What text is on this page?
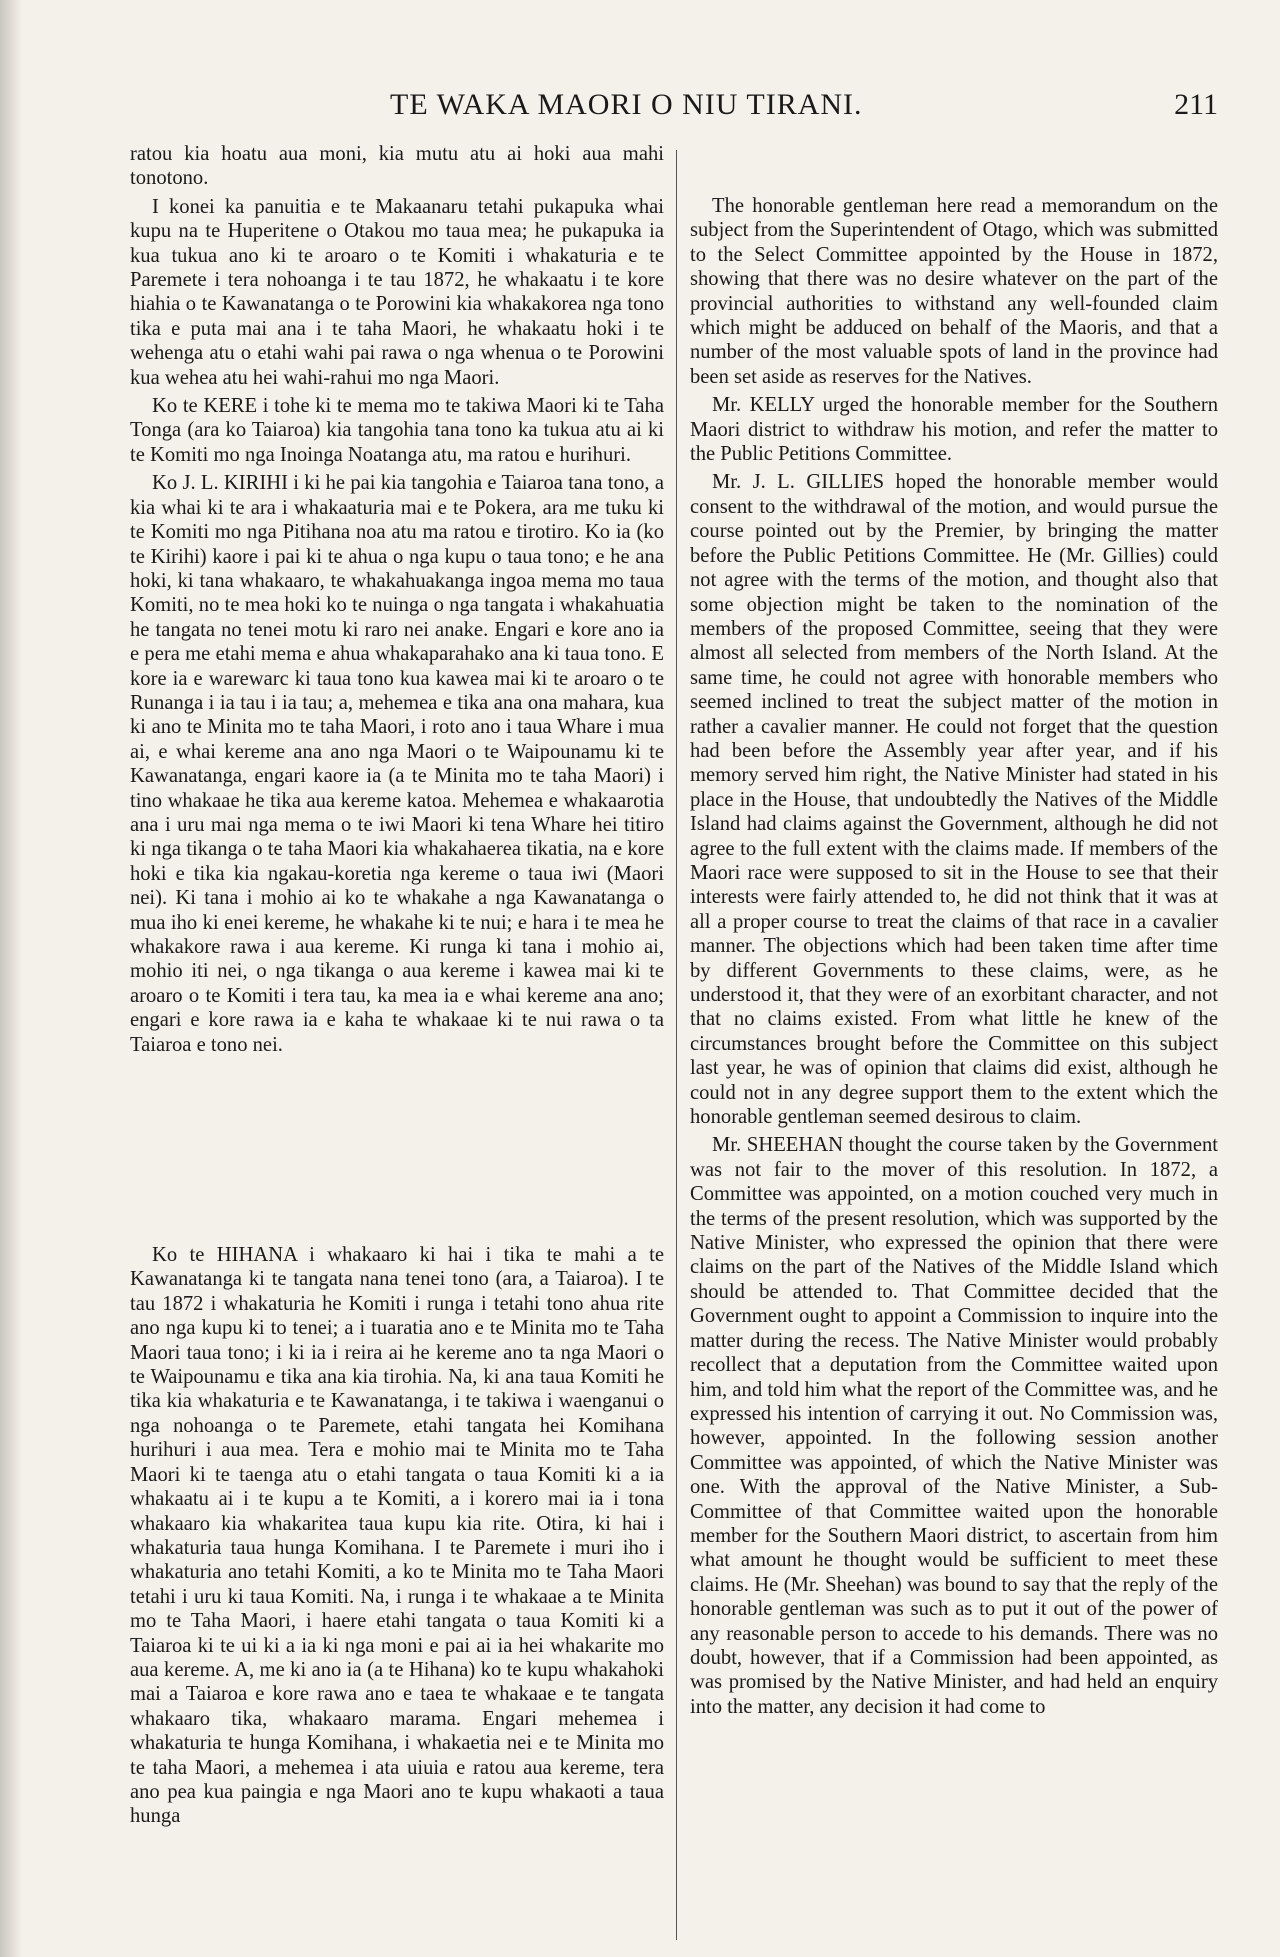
TE WAKA MAORI O NIU TIRANI.	211

ratou kia hoatu aua moni, kia mutu atu ai hoki aua mahi tonotono.

I konei ka panuitia e te Makaanaru tetahi pukapuka whai kupu na te Huperitene o Otakou mo taua mea; he pukapuka ia kua tukua ano ki te aroaro o te Komiti i whakaturia e te Paremete i tera nohoanga i te tau 1872, he whakaatu i te kore hiahia o te Kawanatanga o te Porowini kia whakakorea nga tono tika e puta mai ana i te taha Maori, he whakaatu hoki i te wehenga atu o etahi wahi pai rawa o nga whenua o te Porowini kua wehea atu hei wahi-rahui mo nga Maori.

Ko te KERE i tohe ki te mema mo te takiwa Maori ki te Taha Tonga (ara ko Taiaroa) kia tangohia tana tono ka tukua atu ai ki te Komiti mo nga Inoinga Noatanga atu, ma ratou e hurihuri.

Ko J. L. KIRIHI i ki he pai kia tangohia e Taiaroa tana tono, a kia whai ki te ara i whakaaturia mai e te Pokera, ara me tuku ki te Komiti mo nga Pitihana noa atu ma ratou e tirotiro. Ko ia (ko te Kirihi) kaore i pai ki te ahua o nga kupu o taua tono; e he ana hoki, ki tana whakaaro, te whakahuakanga ingoa mema mo taua Komiti, no te mea hoki ko te nuinga o nga tangata i whakahuatia he tangata no tenei motu ki raro nei anake. Engari e kore ano ia e pera me etahi mema e ahua whakaparahako ana ki taua tono. E kore ia e warewarc ki taua tono kua kawea mai ki te aroaro o te Runanga i ia tau i ia tau; a, mehemea e tika ana ona mahara, kua ki ano te Minita mo te taha Maori, i roto ano i taua Whare i mua ai, e whai kereme ana ano nga Maori o te Waipounamu ki te Kawanatanga, engari kaore ia (a te Minita mo te taha Maori) i tino whakaae he tika aua kereme katoa. Mehemea e whakaarotia ana i uru mai nga mema o te iwi Maori ki tena Whare hei titiro ki nga tikanga o te taha Maori kia whakahaerea tikatia, na e kore hoki e tika kia ngakau-koretia nga kereme o taua iwi (Maori nei). Ki tana i mohio ai ko te whakahe a nga Kawanatanga o mua iho ki enei kereme, he whakahe ki te nui; e hara i te mea he whakakore rawa i aua kereme. Ki runga ki tana i mohio ai, mohio iti nei, o nga tikanga o aua kereme i kawea mai ki te aroaro o te Komiti i tera tau, ka mea ia e whai kereme ana ano; engari e kore rawa ia e kaha te whakaae ki te nui rawa o ta Taiaroa e tono nei.

Ko te HIHANA i whakaaro ki hai i tika te mahi a te Kawanatanga ki te tangata nana tenei tono (ara, a Taiaroa). I te tau 1872 i whakaturia he Komiti i runga i tetahi tono ahua rite ano nga kupu ki to tenei; a i tuaratia ano e te Minita mo te Taha Maori taua tono; i ki ia i reira ai he kereme ano ta nga Maori o te Waipounamu e tika ana kia tirohia. Na, ki ana taua Komiti he tika kia whakaturia e te Kawanatanga, i te takiwa i waenganui o nga nohoanga o te Paremete, etahi tangata hei Komihana hurihuri i aua mea. Tera e mohio mai te Minita mo te Taha Maori ki te taenga atu o etahi tangata o taua Komiti ki a ia whakaatu ai i te kupu a te Komiti, a i korero mai ia i tona whakaaro kia whakaritea taua kupu kia rite. Otira, ki hai i whakaturia taua hunga Komihana. I te Paremete i muri iho i whakaturia ano tetahi Komiti, a ko te Minita mo te Taha Maori tetahi i uru ki taua Komiti. Na, i runga i te whakaae a te Minita mo te Taha Maori, i haere etahi tangata o taua Komiti ki a Taiaroa ki te ui ki a ia ki nga moni e pai ai ia hei whakarite mo aua kereme. A, me ki ano ia (a te Hihana) ko te kupu whakahoki mai a Taiaroa e kore rawa ano e taea te whakaae e te tangata whakaaro tika, whakaaro marama. Engari mehemea i whakaturia te hunga Komihana, i whakaetia nei e te Minita mo te taha Maori, a mehemea i ata uiuia e ratou aua kereme, tera ano pea kua paingia e nga Maori ano te kupu whakaoti a taua hunga

The honorable gentleman here read a memorandum on the subject from the Superintendent of Otago, which was submitted to the Select Committee appointed by the House in 1872, showing that there was no desire whatever on the part of the provincial authorities to withstand any well-founded claim which might be adduced on behalf of the Maoris, and that a number of the most valuable spots of land in the province had been set aside as reserves for the Natives.

Mr. KELLY urged the honorable member for the Southern Maori district to withdraw his motion, and refer the matter to the Public Petitions Committee.

Mr. J. L. GILLIES hoped the honorable member would consent to the withdrawal of the motion, and would pursue the course pointed out by the Premier, by bringing the matter before the Public Petitions Committee. He (Mr. Gillies) could not agree with the terms of the motion, and thought also that some objection might be taken to the nomination of the members of the proposed Committee, seeing that they were almost all selected from members of the North Island. At the same time, he could not agree with honorable members who seemed inclined to treat the subject matter of the motion in rather a cavalier manner. He could not forget that the question had been before the Assembly year after year, and if his memory served him right, the Native Minister had stated in his place in the House, that undoubtedly the Natives of the Middle Island had claims against the Government, although he did not agree to the full extent with the claims made. If members of the Maori race were supposed to sit in the House to see that their interests were fairly attended to, he did not think that it was at all a proper course to treat the claims of that race in a cavalier manner. The objections which had been taken time after time by different Governments to these claims, were, as he understood it, that they were of an exorbitant character, and not that no claims existed. From what little he knew of the circumstances brought before the Committee on this subject last year, he was of opinion that claims did exist, although he could not in any degree support them to the extent which the honorable gentleman seemed desirous to claim.

Mr. SHEEHAN thought the course taken by the Government was not fair to the mover of this resolution. In 1872, a Committee was appointed, on a motion couched very much in the terms of the present resolution, which was supported by the Native Minister, who expressed the opinion that there were claims on the part of the Natives of the Middle Island which should be attended to. That Committee decided that the Government ought to appoint a Commission to inquire into the matter during the recess. The Native Minister would probably recollect that a deputation from the Committee waited upon him, and told him what the report of the Committee was, and he expressed his intention of carrying it out. No Commission was, however, appointed. In the following session another Committee was appointed, of which the Native Minister was one. With the approval of the Native Minister, a Sub-Committee of that Committee waited upon the honorable member for the Southern Maori district, to ascertain from him what amount he thought would be sufficient to meet these claims. He (Mr. Sheehan) was bound to say that the reply of the honorable gentleman was such as to put it out of the power of any reasonable person to accede to his demands. There was no doubt, however, that if a Commission had been appointed, as was promised by the Native Minister, and had held an enquiry into the matter, any decision it had come to
